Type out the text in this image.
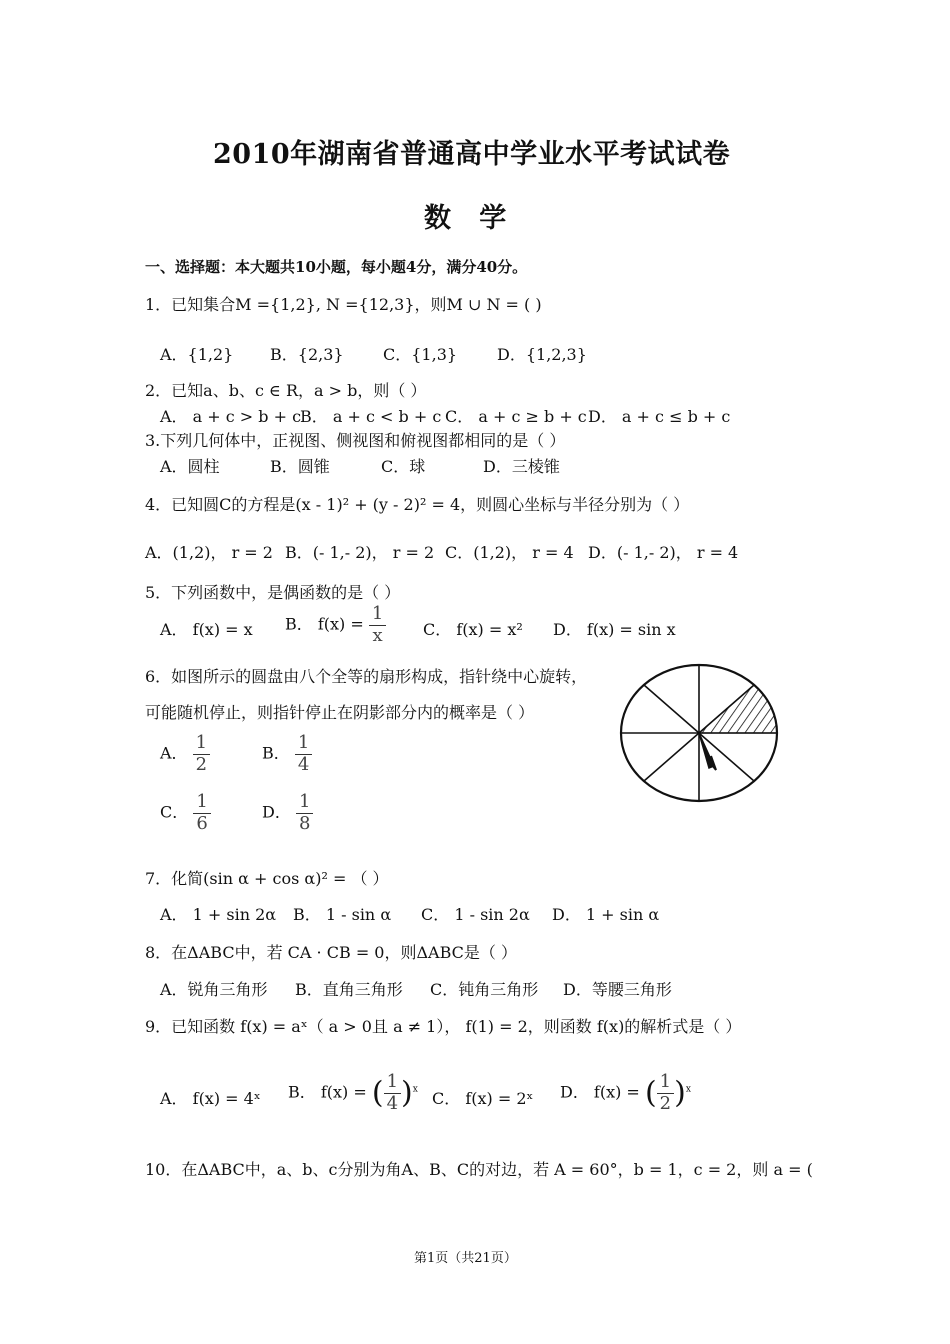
2010年湖南省普通高中学业水平考试试卷
数   学
一、选择题：本大题共10小题，每小题4分，满分40分。
1．已知集合M ={1,2}, N ={12,3}，则M ∪ N = ( )
A．{1,2} B．{2,3} C．{1,3} D．{1,2,3}
2．已知a、b、c ∈ R，a > b，则（ ）
A． a + c > b + c
B． a + c < b + c C． a + c ≥ b + c D． a + c ≤ b + c
3.下列几何体中，正视图、侧视图和俯视图都相同的是（ ）
A．圆柱	B．圆锥	C．球	D．三棱锥
4．已知圆C的方程是(x - 1)² + (y - 2)² = 4，则圆心坐标与半径分别为（ ）
A．(1,2)， r = 2 B．(- 1,- 2)， r = 2 C．(1,2)， r = 4 D．(- 1,- 2)， r = 4
5．下列函数中，是偶函数的是（ ）
A． f(x) = x B． $f(x) = \frac{1}{x}$ C． f(x) = x² D． f(x) = sin x
6．如图所示的圆盘由八个全等的扇形构成，指针绕中心旋转，
可能随机停止，则指针停止在阴影部分内的概率是（ ）
A． $\frac{1}{2}$	B． $\frac{1}{4}$
C． $\frac{1}{6}$	D． $\frac{1}{8}$
7．化简(sin α + cos α)² = （ ）
A． 1 + sin 2α B． 1 - sin α C． 1 - sin 2α D． 1 + sin α
8．在ΔABC中，若 CA · CB = 0，则ΔABC是（ ）
A．锐角三角形 B．直角三角形 C．钝角三角形 D．等腰三角形
9．已知函数 f(x) = aˣ（ a > 0且 a ≠ 1）， f(1) = 2，则函数 f(x)的解析式是（ ）
A． f(x) = 4ˣ B． f(x) = ( $\frac{1}{4} )^x$ C． f(x) = 2ˣ D． f(x) = ( $\frac{1}{2} )^x$
10．在ΔABC中，a、b、c分别为角A、B、C的对边，若 A = 60°，b = 1，c = 2，则 a = (
第1页（共21页）
